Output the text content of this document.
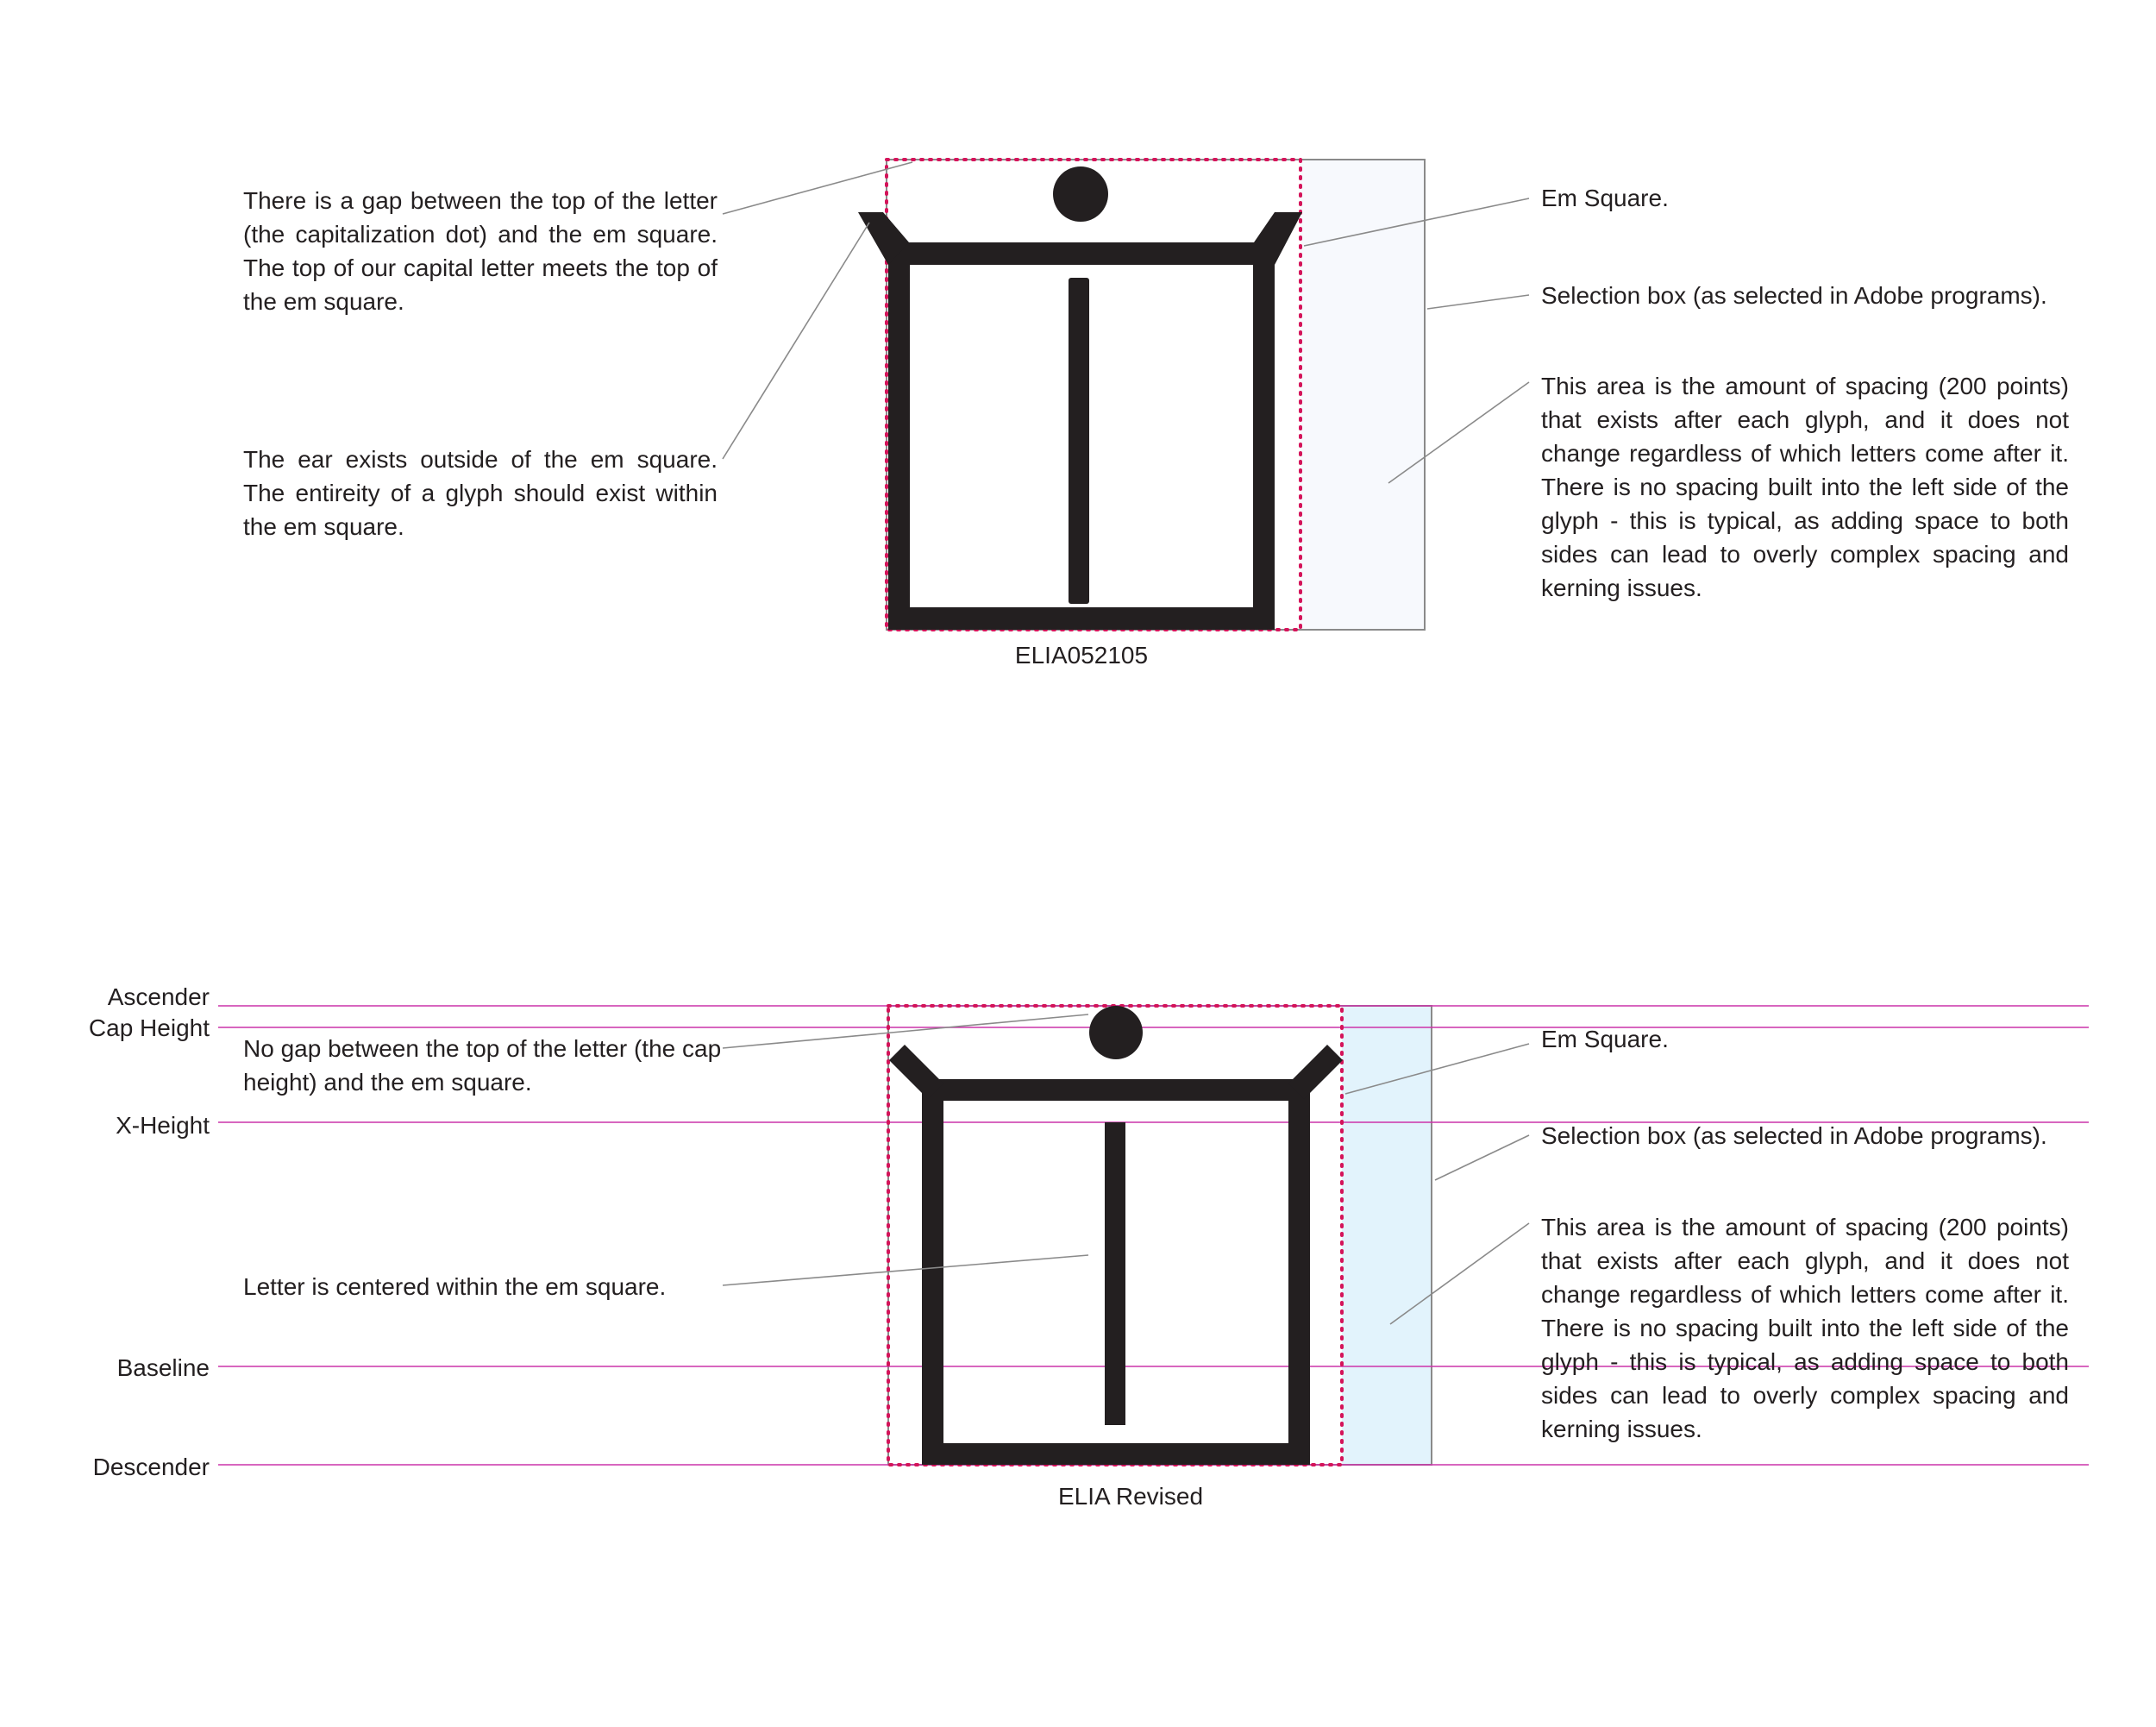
There is a gap between the top of the letter (the capitalization dot) and the em square. The top of our capital letter meets the top of the em square.

The ear exists outside of the em square. The entireity of a glyph should exist within the em square.

Em Square.

Selection box (as selected in Adobe programs).

This area is the amount of spacing (200 points) that exists after each glyph, and it does not change regardless of which letters come after it. There is no spacing built into the left side of the glyph - this is typical, as adding space to both sides can lead to overly complex spacing and kerning issues.

ELIA052105
Ascender
Cap Height
X-Height
Baseline
Descender

No gap between the top of the letter (the cap height) and the em square.

Letter is centered within the em square.

Em Square.

Selection box (as selected in Adobe programs).

This area is the amount of spacing (200 points) that exists after each glyph, and it does not change regardless of which letters come after it. There is no spacing built into the left side of the glyph - this is typical, as adding space to both sides can lead to overly complex spacing and kerning issues.

ELIA Revised
